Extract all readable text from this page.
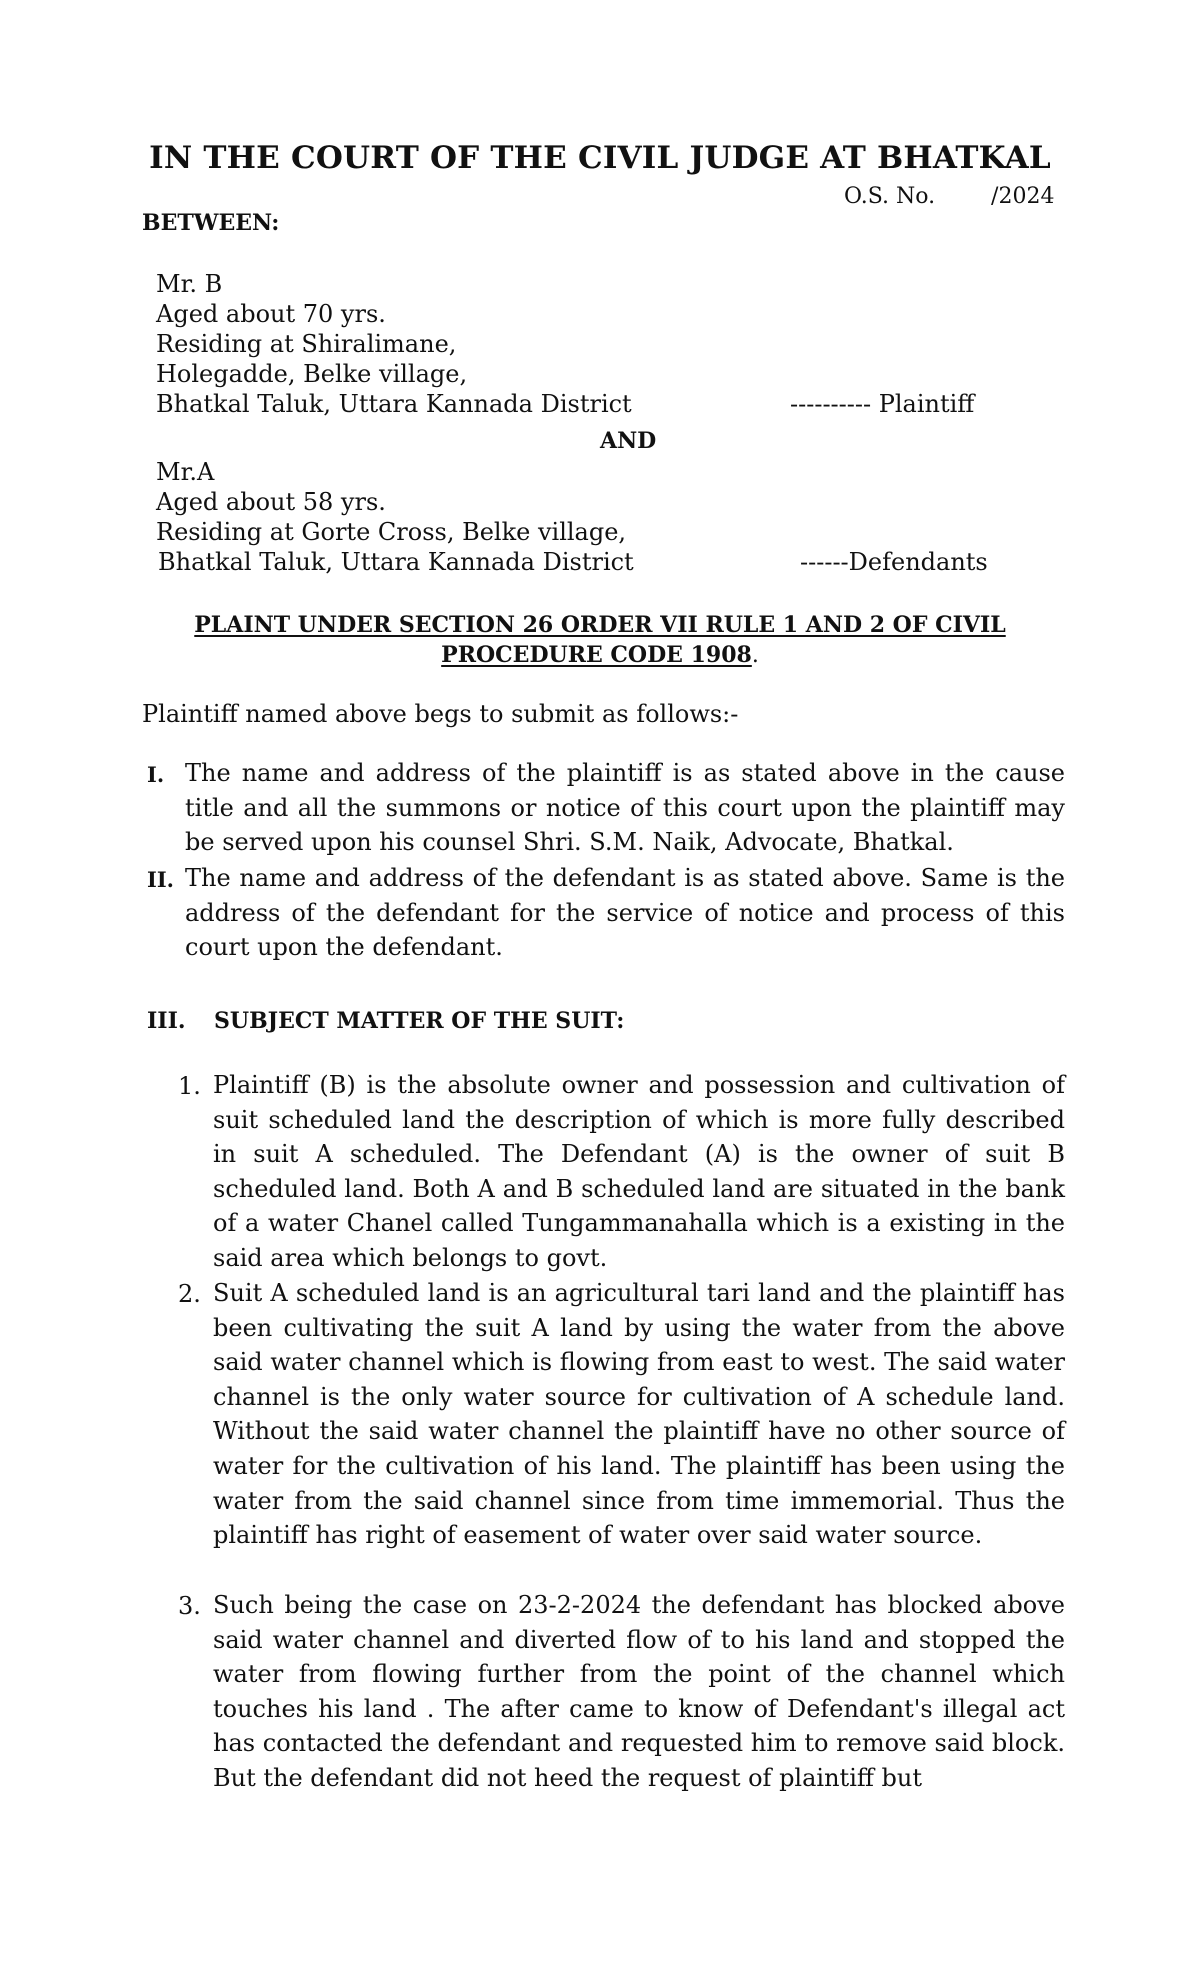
IN THE COURT OF THE CIVIL JUDGE AT BHATKAL
O.S. No.        /2024
BETWEEN:
Mr. B
Aged about 70 yrs.
Residing at Shiralimane,
Holegadde, Belke village,
Bhatkal Taluk, Uttara Kannada District	---------- Plaintiff
AND
Mr.A
Aged about 58 yrs.
Residing at Gorte Cross, Belke village,
Bhatkal Taluk, Uttara Kannada District	------Defendants
PLAINT UNDER SECTION 26 ORDER VII RULE 1 AND 2 OF CIVIL
PROCEDURE CODE 1908.
Plaintiff named above begs to submit as follows:-
I. The name and address of the plaintiff is as stated above in the cause title and all the summons or notice of this court upon the plaintiff may be served upon his counsel Shri. S.M. Naik, Advocate, Bhatkal.
II. The name and address of the defendant is as stated above. Same is the address of the defendant for the service of notice and process of this court upon the defendant.
III. SUBJECT MATTER OF THE SUIT:
1. Plaintiff (B) is the absolute owner and possession and cultivation of suit scheduled land the description of which is more fully described in suit A scheduled. The Defendant (A) is the owner of suit B scheduled land. Both A and B scheduled land are situated in the bank of a water Chanel called Tungammanahalla which is a existing in the said area which belongs to govt.
2. Suit A scheduled land is an agricultural tari land and the plaintiff has been cultivating the suit A land by using the water from the above said water channel which is flowing from east to west. The said water channel is the only water source for cultivation of A schedule land. Without the said water channel the plaintiff have no other source of water for the cultivation of his land. The plaintiff has been using the water from the said channel since from time immemorial. Thus the plaintiff has right of easement of water over said water source.
3. Such being the case on 23-2-2024 the defendant has blocked above said water channel and diverted flow of to his land and stopped the water from flowing further from the point of the channel which touches his land . The after came to know of Defendant's illegal act has contacted the defendant and requested him to remove said block. But the defendant did not heed the request of plaintiff but
